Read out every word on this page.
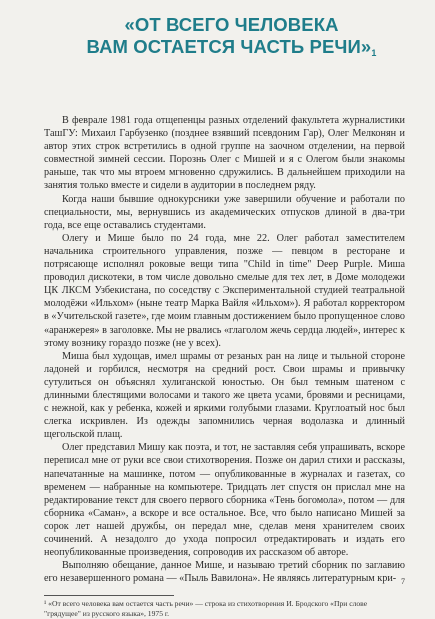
«ОТ ВСЕГО ЧЕЛОВЕКА
ВАМ ОСТАЕТСЯ ЧАСТЬ РЕЧИ»$^1$

В феврале 1981 года отщепенцы разных отделений факультета журналистики ТашГУ: Михаил Гарбузенко (позднее взявший псевдоним Гар), Олег Мелконян и автор этих строк встретились в одной группе на заочном отделении, на первой совместной зимней сессии. Порознь Олег с Мишей и я с Олегом были знакомы раньше, так что мы втроем мгновенно сдружились. В дальнейшем приходили на занятия только вместе и сидели в аудитории в последнем ряду.

Когда наши бывшие однокурсники уже завершили обучение и работали по специальности, мы, вернувшись из академических отпусков длиной в два-три года, все еще оставались студентами.

Олегу и Мише было по 24 года, мне 22. Олег работал заместителем начальника строительного управления, позже — певцом в ресторане и потрясающе исполнял роковые вещи типа "Child in time" Deep Purple. Миша проводил дискотеки, в том числе довольно смелые для тех лет, в Доме молодежи ЦК ЛКСМ Узбекистана, по соседству с Экспериментальной студией театральной молодёжи «Ильхом» (ныне театр Марка Вайля «Ильхом»). Я работал корректором в «Учительской газете», где моим главным достижением было пропущенное слово «аранжерея» в заголовке. Мы не рвались «глаголом жечь сердца людей», интерес к этому вознику гораздо позже (не у всех).

Миша был худощав, имел шрамы от резаных ран на лице и тыльной стороне ладоней и горбился, несмотря на средний рост. Свои шрамы и привычку сутулиться он объяснял хулиганской юностью. Он был темным шатеном с длинными блестящими волосами и такого же цвета усами, бровями и ресницами, с нежной, как у ребенка, кожей и яркими голубыми глазами. Круглоатый нос был слегка искривлен. Из одежды запомнились черная водолазка и длинный щегольской плащ.

Олег представил Мишу как поэта, и тот, не заставляя себя упрашивать, вскоре переписал мне от руки все свои стихотворения. Позже он дарил стихи и рассказы, напечатанные на машинке, потом — опубликованные в журналах и газетах, со временем — набранные на компьютере. Тридцать лет спустя он прислал мне на редактирование текст для своего первого сборника «Тень богомола», потом — для сборника «Саман», а вскоре и все остальное. Все, что было написано Мишей за сорок лет нашей дружбы, он передал мне, сделав меня хранителем своих сочинений. А незадолго до ухода попросил отредактировать и издать его неопубликованные произведения, сопроводив их рассказом об авторе.

Выполняю обещание, данное Мише, и называю третий сборник по заглавию его незавершенного романа — «Пыль Вавилона». Не являясь литературным кри-

¹ «От всего человека вам остается часть речи» — строка из стихотворения И. Бродского «При слове "грядущее" из русского языка», 1975 г.

7
